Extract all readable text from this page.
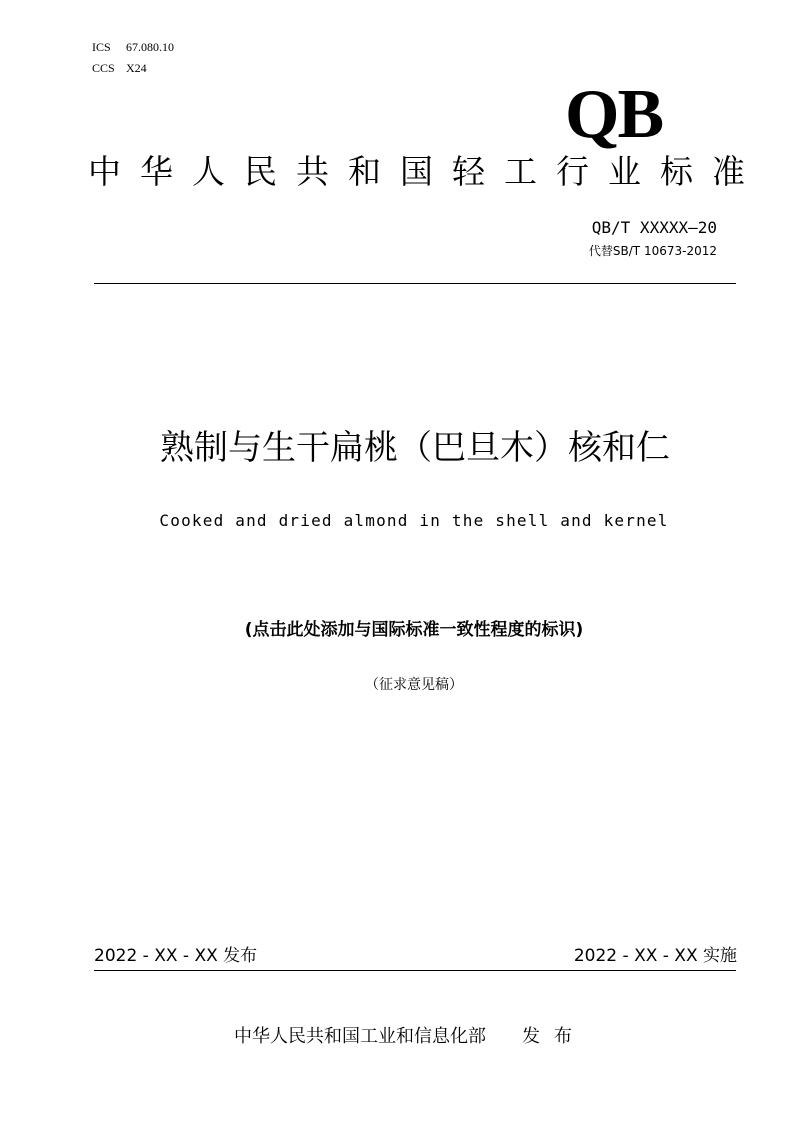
ICS 67.080.10
CCS X24
QB
中华人民共和国轻工行业标准
QB/T XXXXX—20
代替SB/T 10673-2012
熟制与生干扁桃（巴旦木）核和仁
Cooked and dried almond in the shell and kernel
(点击此处添加与国际标准一致性程度的标识)
（征求意见稿）
2022 - XX - XX 发布	2022 - XX - XX 实施
中华人民共和国工业和信息化部 发布
